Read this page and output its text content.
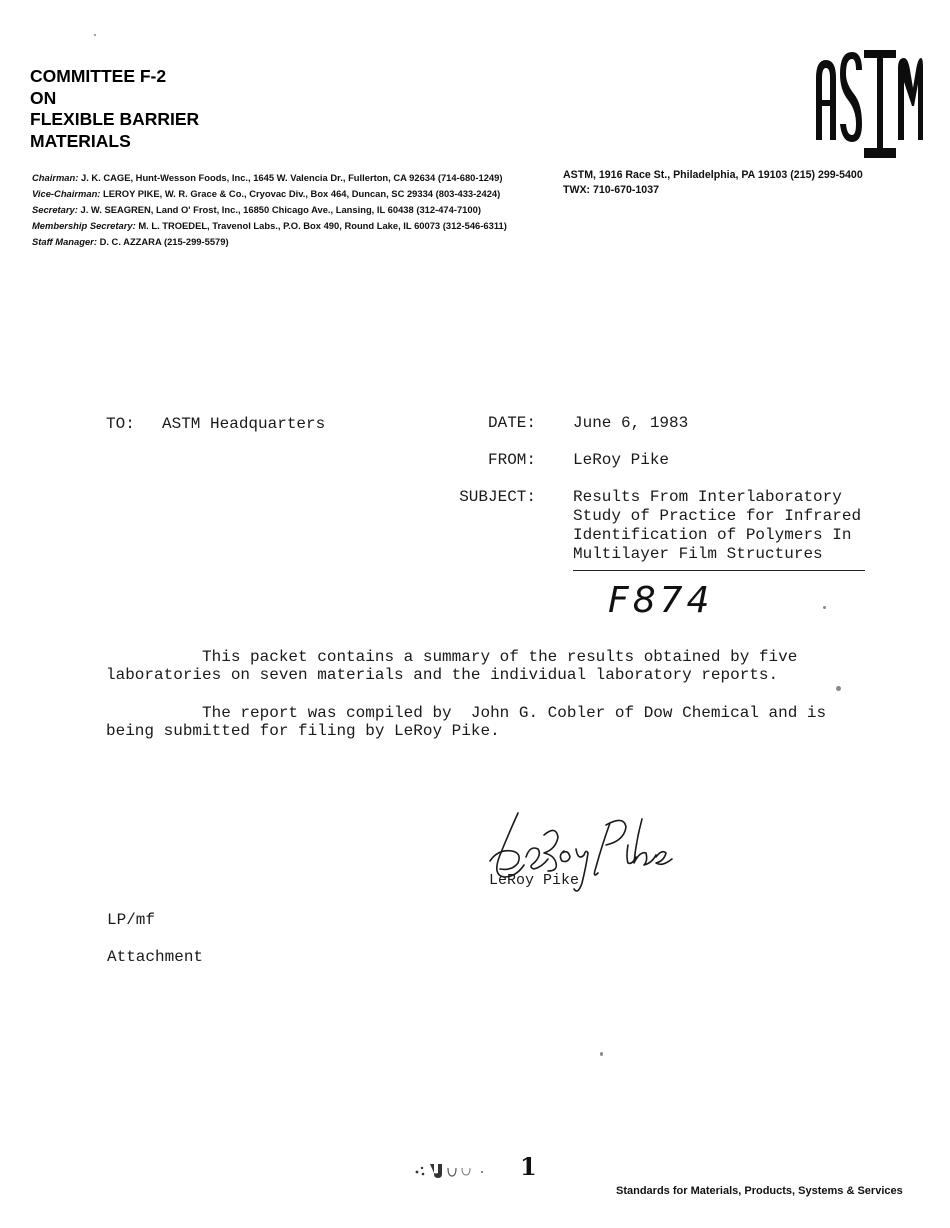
COMMITTEE F-2
ON
FLEXIBLE BARRIER
MATERIALS
Chairman: J. K. CAGE, Hunt-Wesson Foods, Inc., 1645 W. Valencia Dr., Fullerton, CA 92634 (714-680-1249)
Vice-Chairman: LEROY PIKE, W. R. Grace & Co., Cryovac Div., Box 464, Duncan, SC 29334 (803-433-2424)
Secretary: J. W. SEAGREN, Land O' Frost, Inc., 16850 Chicago Ave., Lansing, IL 60438 (312-474-7100)
Membership Secretary: M. L. TROEDEL, Travenol Labs., P.O. Box 490, Round Lake, IL 60073 (312-546-6311)
Staff Manager: D. C. AZZARA (215-299-5579)
ASTM, 1916 Race St., Philadelphia, PA 19103 (215) 299-5400
TWX: 710-670-1037
TO: ASTM Headquarters	DATE: June 6, 1983
FROM: LeRoy Pike
SUBJECT: Results From Interlaboratory
Study of Practice for Infrared
Identification of Polymers In
Multilayer Film Structures
F874
This packet contains a summary of the results obtained by five
laboratories on seven materials and the individual laboratory reports.
The report was compiled by  John G. Cobler of Dow Chemical and is
being submitted for filing by LeRoy Pike.
LeRoy Pike
LP/mf
Attachment
1
Standards for Materials, Products, Systems & Services
